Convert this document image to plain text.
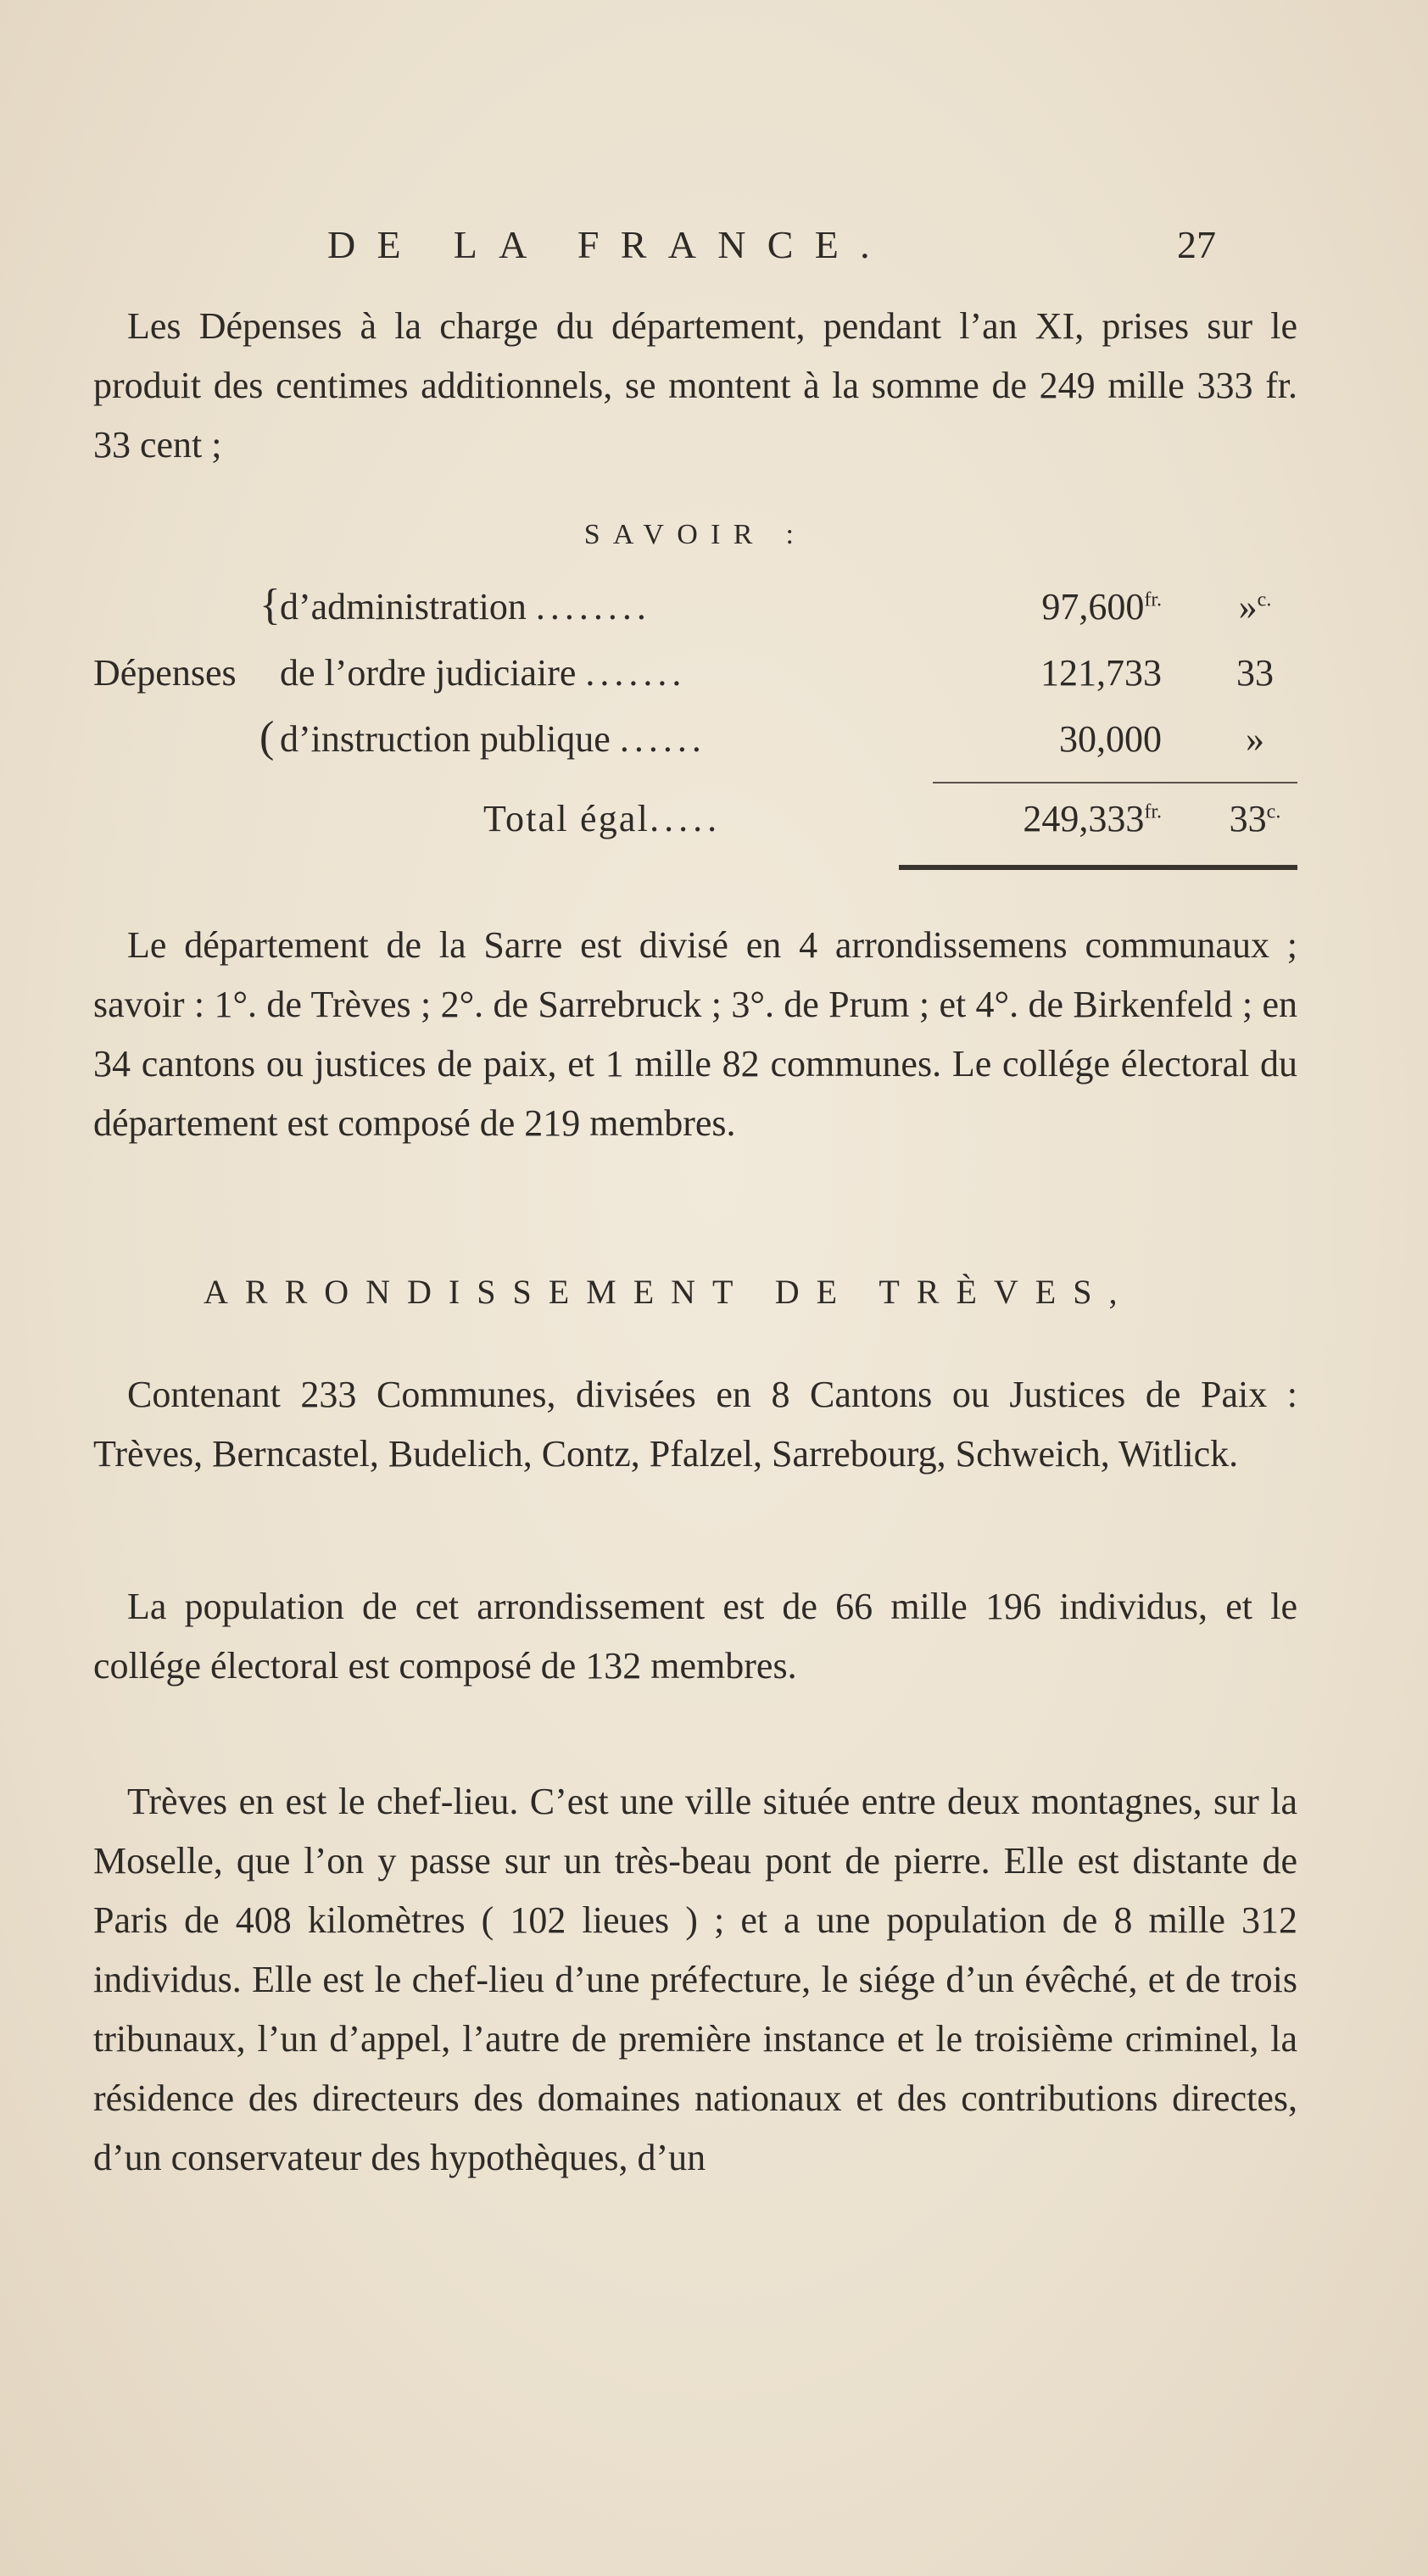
DE LA FRANCE.	27

Les Dépenses à la charge du département, pendant l’an XI, prises sur le produit des centimes additionnels, se montent à la somme de 249 mille 333 fr. 33 cent ;

SAVOIR :
Dépenses
{ d’administration ........	$97,600^{fr.}$	»$^{c.}$
de l’ordre judiciaire .......	121,733	33
( d’instruction publique ......	30,000	»
Total égal.....	$249,333^{fr.}$	$33^{c.}$

Le département de la Sarre est divisé en 4 arrondissemens communaux ; savoir : 1°. de Trèves ; 2°. de Sarrebruck ; 3°. de Prum ; et 4°. de Birkenfeld ; en 34 cantons ou justices de paix, et 1 mille 82 communes. Le collége électoral du département est composé de 219 membres.

ARRONDISSEMENT DE TRÈVES,

Contenant 233 Communes, divisées en 8 Cantons ou Justices de Paix : Trèves, Berncastel, Budelich, Contz, Pfalzel, Sarrebourg, Schweich, Witlick.

La population de cet arrondissement est de 66 mille 196 individus, et le collége électoral est composé de 132 membres.

Trèves en est le chef-lieu. C’est une ville située entre deux montagnes, sur la Moselle, que l’on y passe sur un très-beau pont de pierre. Elle est distante de Paris de 408 kilomètres ( 102 lieues ) ; et a une population de 8 mille 312 individus. Elle est le chef-lieu d’une préfecture, le siége d’un évêché, et de trois tribunaux, l’un d’appel, l’autre de première instance et le troisième criminel, la résidence des directeurs des domaines nationaux et des contributions directes, d’un conservateur des hypothèques, d’un
